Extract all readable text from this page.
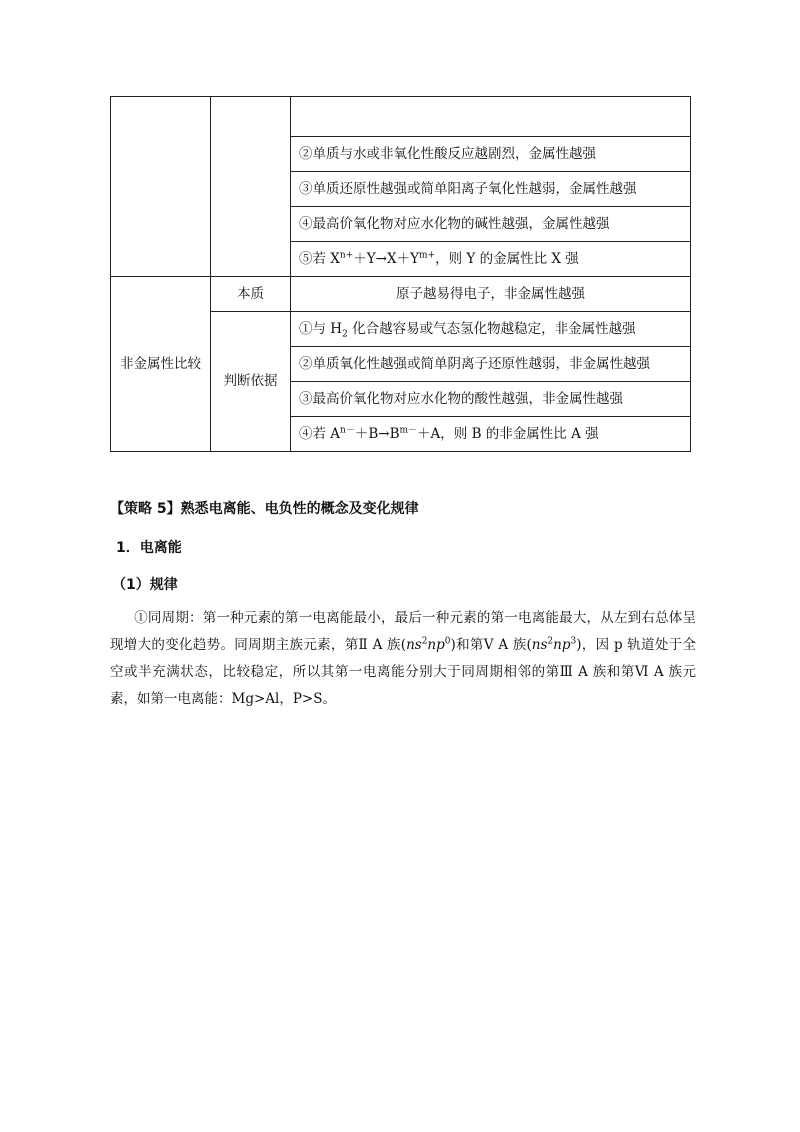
		②单质与水或非氧化性酸反应越剧烈，金属性越强
		③单质还原性越强或简单阳离子氧化性越弱，金属性越强
		④最高价氧化物对应水化物的碱性越强，金属性越强
		⑤若 $X^{n+}+Y\to X+Y^{m+}$，则 Y 的金属性比 X 强
非金属性比较	本质	原子越易得电子，非金属性越强
	判断依据	①与 $H_2$ 化合越容易或气态氢化物越稳定，非金属性越强
		②单质氧化性越强或简单阴离子还原性越弱，非金属性越强
		③最高价氧化物对应水化物的酸性越强，非金属性越强
		④若 $A^{n-}+B\to B^{m-}+A$，则 B 的非金属性比 A 强
【策略 5】熟悉电离能、电负性的概念及变化规律
1．电离能
（1）规律
①同周期：第一种元素的第一电离能最小，最后一种元素的第一电离能最大，从左到右总体呈现增大的变化趋势。同周期主族元素，第Ⅱ A 族$(ns^2np^0)$和第Ⅴ A 族$(ns^2np^3)$，因 p 轨道处于全空或半充满状态，比较稳定，所以其第一电离能分别大于同周期相邻的第Ⅲ A 族和第Ⅵ A 族元素，如第一电离能：Mg>Al，P>S。
